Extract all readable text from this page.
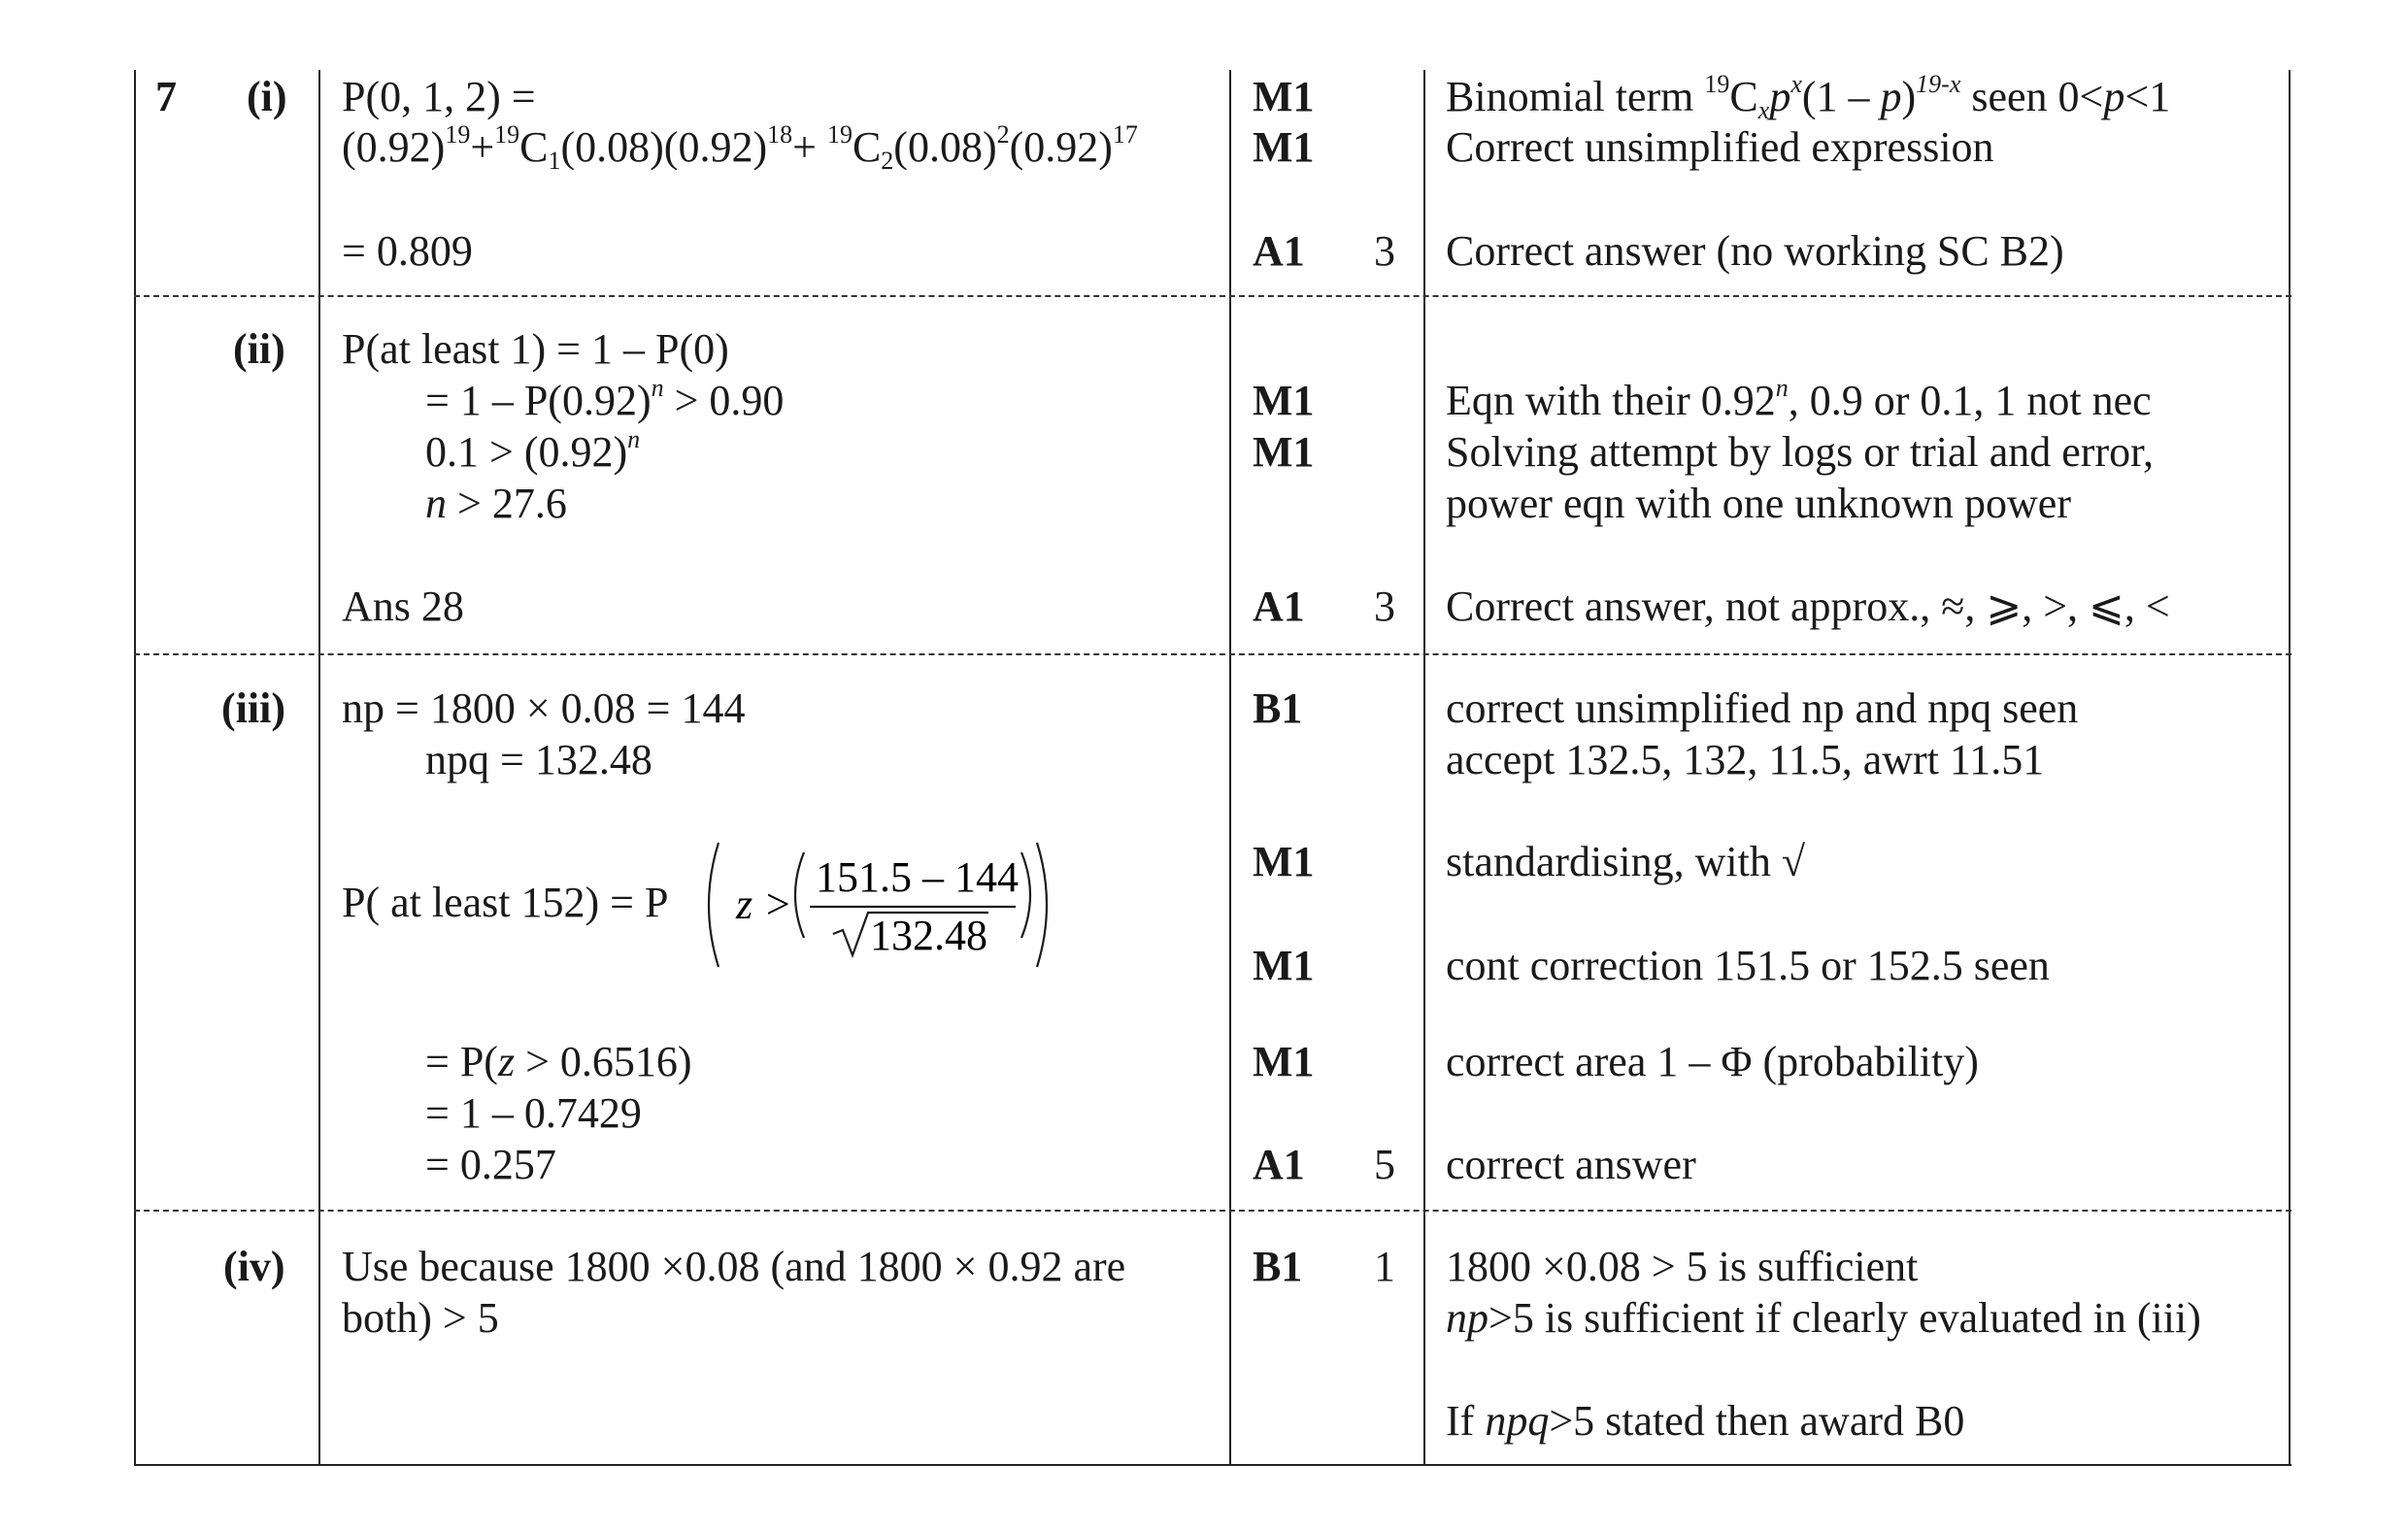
7 (i) P(0, 1, 2) =
$(0.92)^{19}+^{19}C1(0.08)(0.92)^{18}+ ^{19}C2(0.08)^2(0.92)^{17}$
= 0.809
M1
M1
A1 3
Binomial term $^{19}$Cxp$^x$(1 – p)$^{19-x}$ seen 0<p<1
Correct unsimplified expression
Correct answer (no working SC B2)
(ii) P(at least 1) = 1 – P(0)
= $1 - P(0.92)^n > 0.90$
$0.1 > (0.92)^n$
n > 27.6
Ans 28
M1
M1
A1 3
Eqn with their 0.92$^n$, 0.9 or 0.1, 1 not nec
Solving attempt by logs or trial and error,
power eqn with one unknown power
Correct answer, not approx., ≈, ⩾, >, ⩽, <
(iii) np = 1800 × 0.08 = 144
npq = 132.48
P( at least 152) = P z >
151.5 – 144
132.48
= P(z > 0.6516)
= 1 – 0.7429
= 0.257
B1
M1
M1
M1
A1 5
correct unsimplified np and npq seen
accept 132.5, 132, 11.5, awrt 11.51
standardising, with √
cont correction 151.5 or 152.5 seen
correct area 1 – Φ (probability)
correct answer
(iv) Use because 1800 ×0.08 (and 1800 × 0.92 are
both) > 5
B1 1 1800 ×0.08 > 5 is sufficient
np>5 is sufficient if clearly evaluated in (iii)
If npq>5 stated then award B0
